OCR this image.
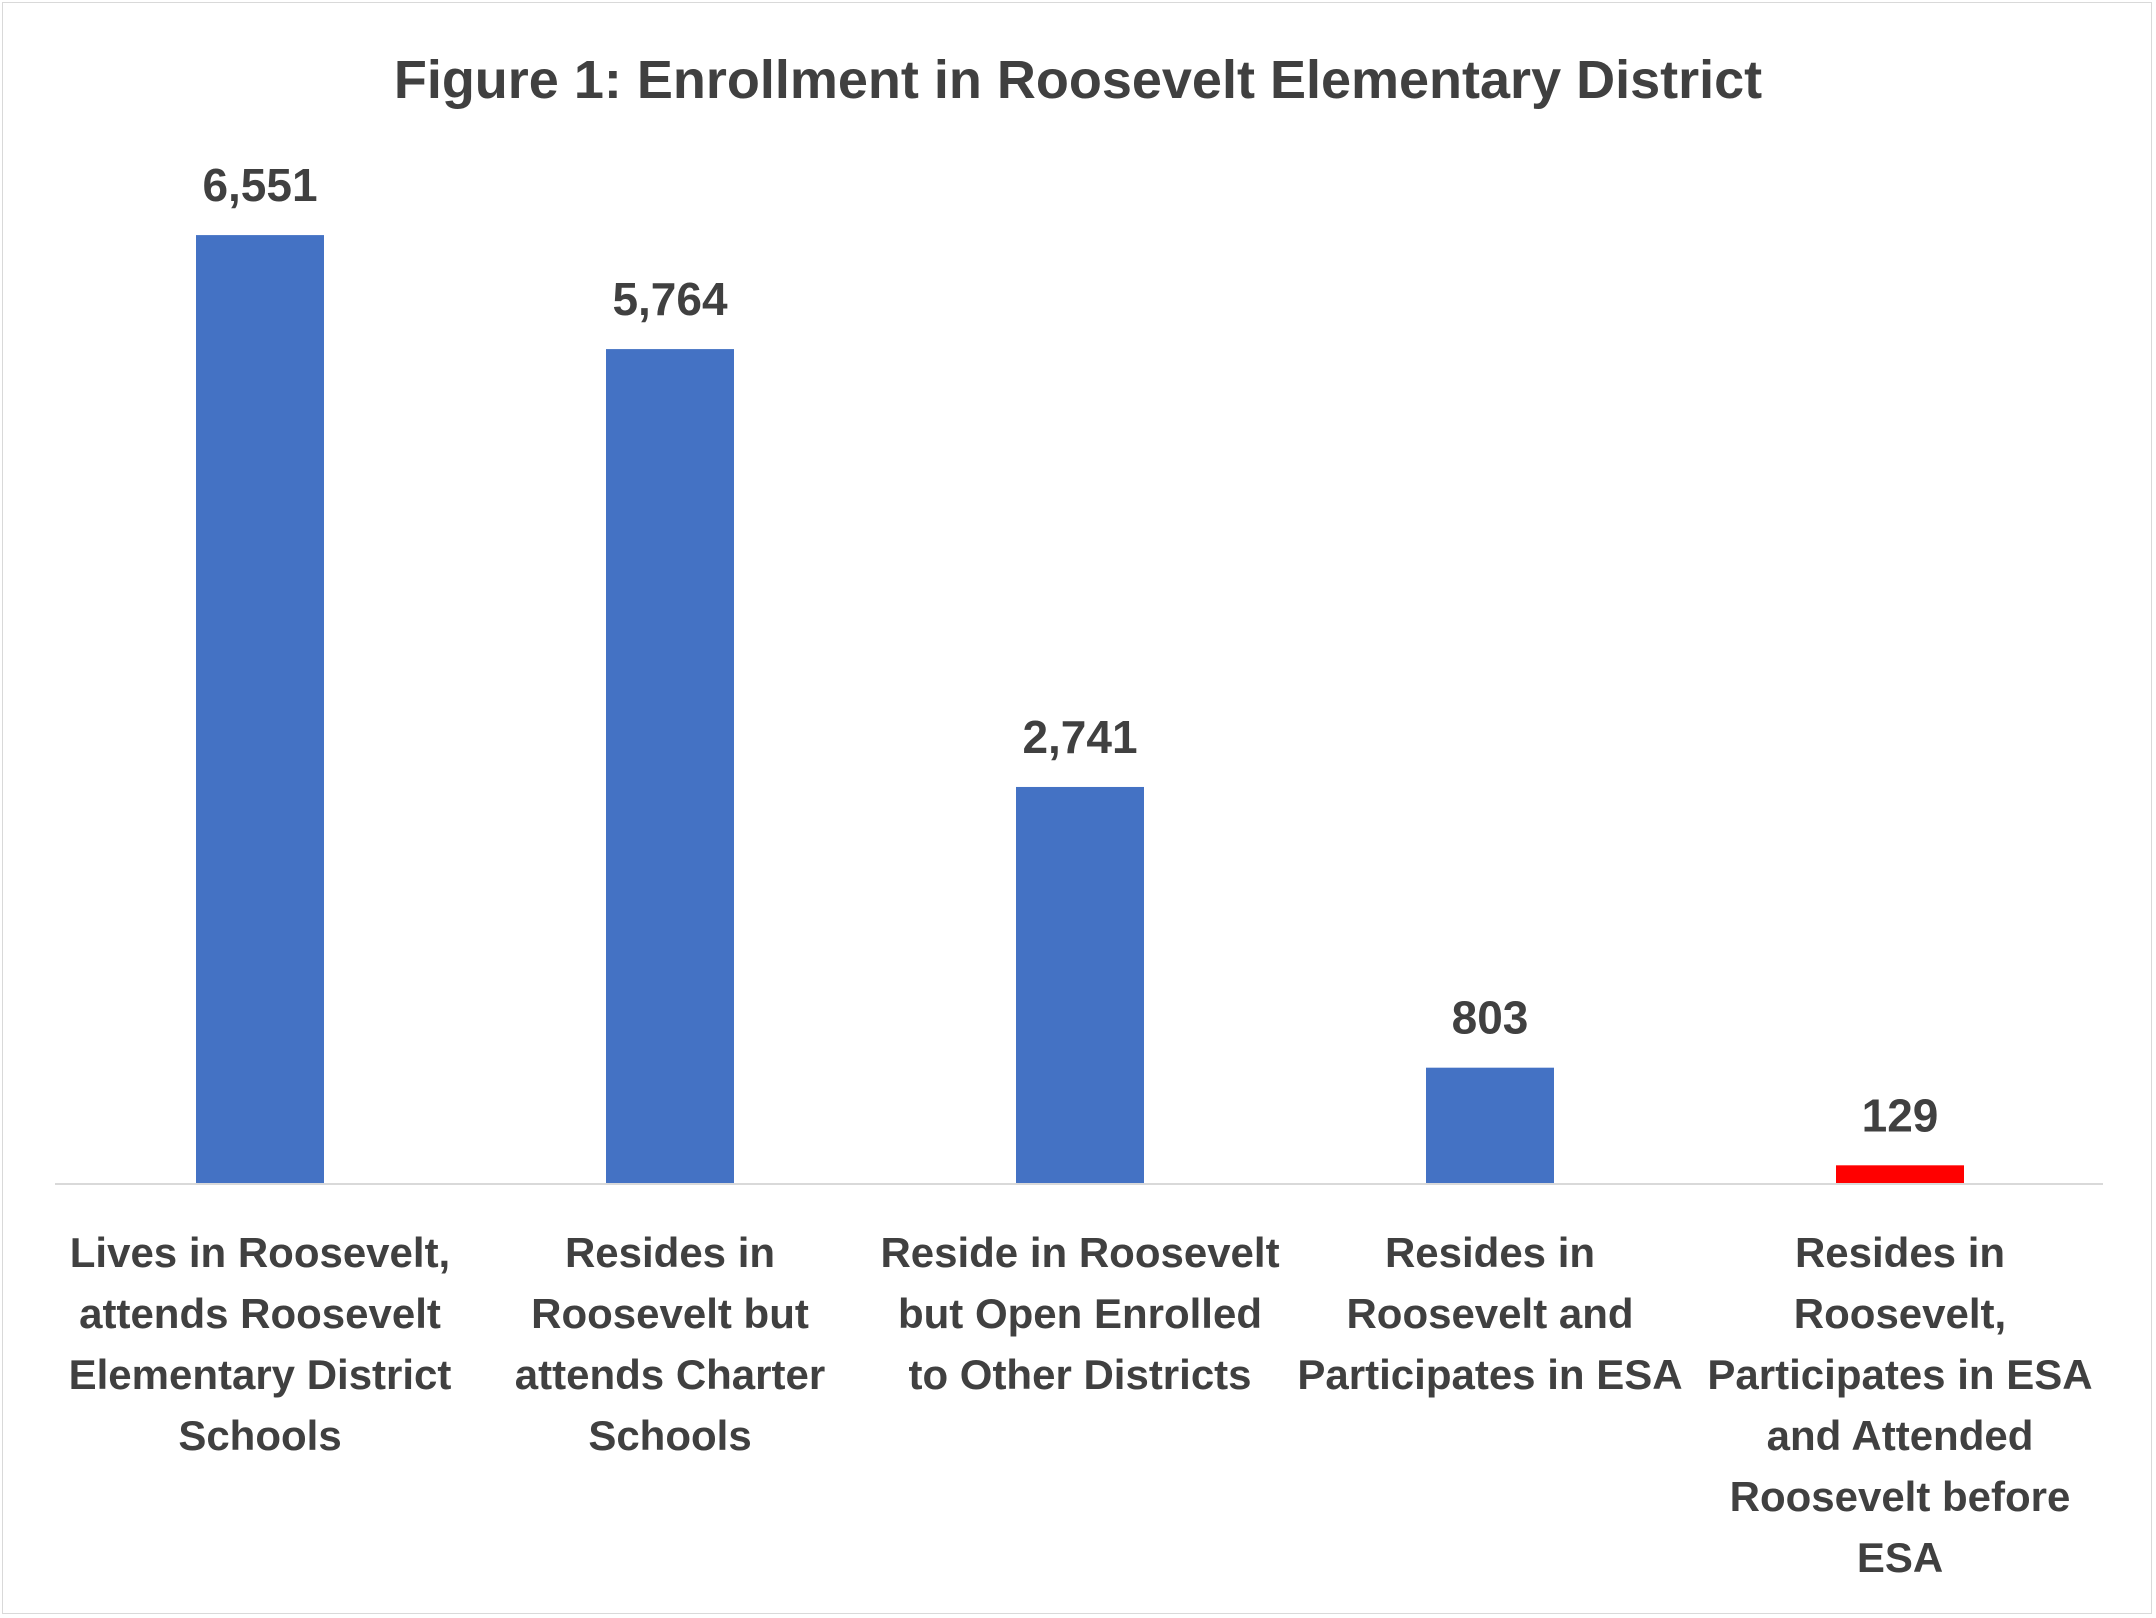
Figure 1: Enrollment in Roosevelt Elementary District
6,551
5,764
2,741
803
129
Lives in Roosevelt, attends Roosevelt Elementary District Schools
Resides in Roosevelt but attends Charter Schools
Reside in Roosevelt but Open Enrolled to Other Districts
Resides in Roosevelt and Participates in ESA
Resides in Roosevelt, Participates in ESA and Attended Roosevelt before ESA
